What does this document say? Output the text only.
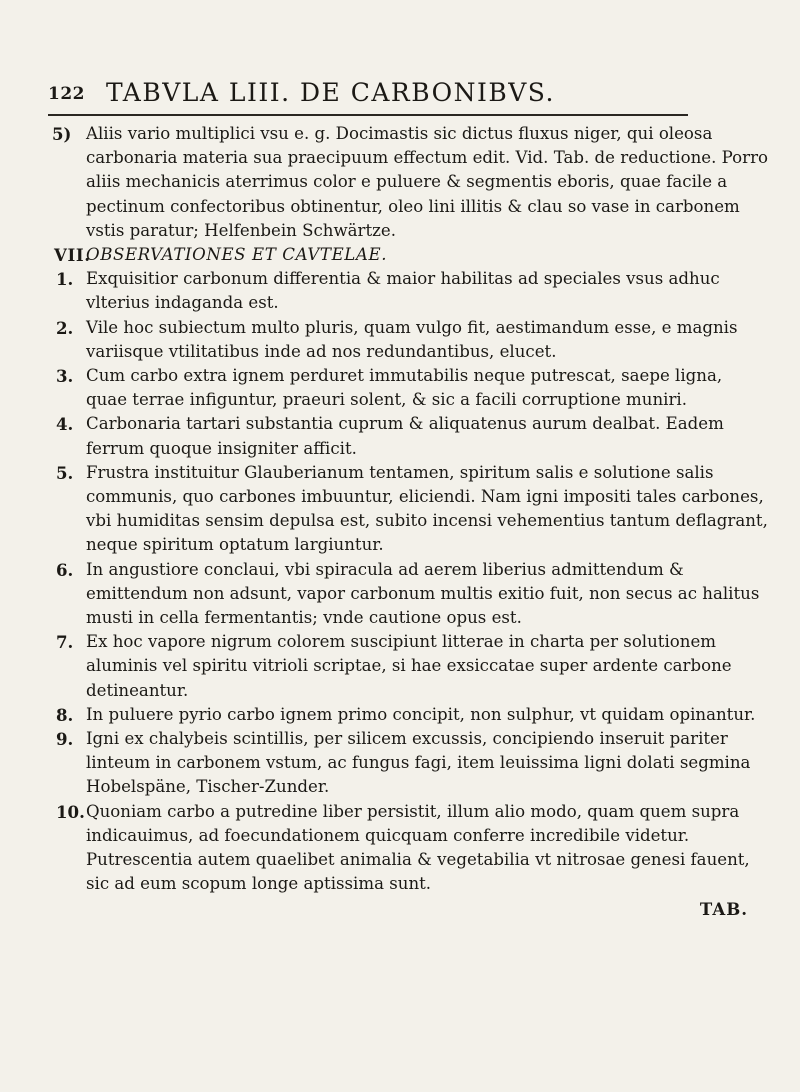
122 TABVLA LIII. DE CARBONIBVS.
5) Aliis vario multiplici vsu e. g. Docimastis sic dictus fluxus niger, qui oleosa carbonaria materia sua praecipuum effectum edit. Vid. Tab. de reductione. Porro aliis mechanicis aterrimus color e puluere & segmentis eboris, quae facile a pectinum confectoribus obtinentur, oleo lini illitis & clau so vase in carbonem vstis paratur; Helfenbein Schwärtze.
VII.
OBSERVATIONES ET CAVTELAE.
1. Exquisitior carbonum differentia & maior habilitas ad speciales vsus adhuc vlterius indaganda est.
2. Vile hoc subiectum multo pluris, quam vulgo fit, aestimandum esse, e magnis variisque vtilitatibus inde ad nos redundantibus, elucet.
3. Cum carbo extra ignem perduret immutabilis neque putrescat, saepe ligna, quae terrae infiguntur, praeuri solent, & sic a facili corruptione muniri.
4. Carbonaria tartari substantia cuprum & aliquatenus aurum dealbat. Eadem ferrum quoque insigniter afficit.
5. Frustra instituitur Glauberianum tentamen, spiritum salis e solutione salis communis, quo carbones imbuuntur, eliciendi. Nam igni impositi tales carbones, vbi humiditas sensim depulsa est, subito incensi vehementius tantum deflagrant, neque spiritum optatum largiuntur.
6. In angustiore conclaui, vbi spiracula ad aerem liberius admittendum & emittendum non adsunt, vapor carbonum multis exitio fuit, non secus ac halitus musti in cella fermentantis; vnde cautione opus est.
7. Ex hoc vapore nigrum colorem suscipiunt litterae in charta per solutionem aluminis vel spiritu vitrioli scriptae, si hae exsiccatae super ardente carbone detineantur.
8. In puluere pyrio carbo ignem primo concipit, non sulphur, vt quidam opinantur.
9. Igni ex chalybeis scintillis, per silicem excussis, concipiendo inseruit pariter linteum in carbonem vstum, ac fungus fagi, item leuissima ligni dolati segmina Hobelspäne, Tischer-Zunder.
10. Quoniam carbo a putredine liber persistit, illum alio modo, quam quem supra indicauimus, ad foecundationem quicquam conferre incredibile videtur. Putrescentia autem quaelibet animalia & vegetabilia vt nitrosae genesi fauent, sic ad eum scopum longe aptissima sunt.
TAB.
